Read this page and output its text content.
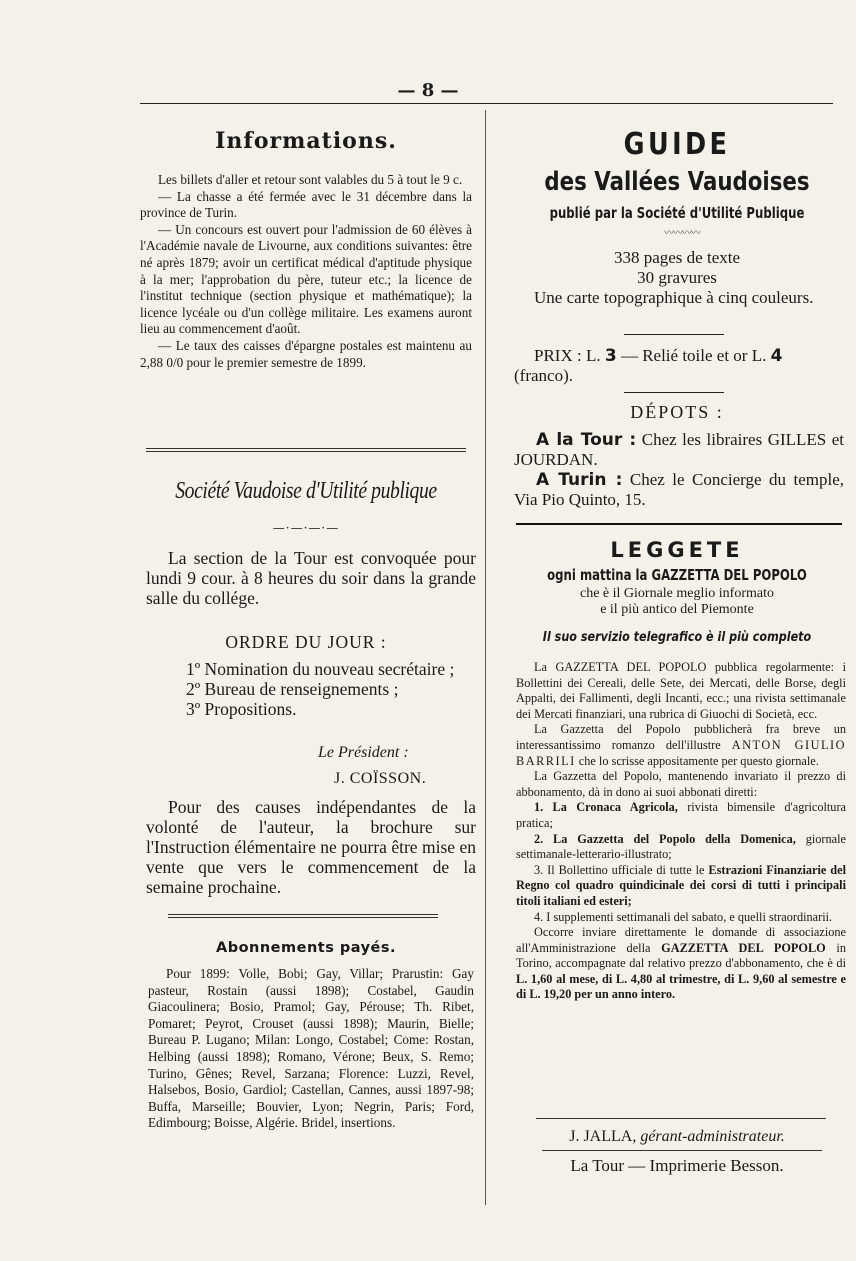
— 8 —
Informations.

Les billets d'aller et retour sont valables du 5 à tout le 9 c.

— La chasse a été fermée avec le 31 décembre dans la province de Turin.

— Un concours est ouvert pour l'admission de 60 élèves à l'Académie navale de Livourne, aux conditions suivantes: être né après 1879; avoir un certificat médical d'aptitude physique à la mer; l'approbation du père, tuteur etc.; la licence de l'institut technique (section physique et mathématique); la licence lycéale ou d'un collège militaire. Les examens auront lieu au commencement d'août.

— Le taux des caisses d'épargne postales est maintenu au 2,88 0/0 pour le premier semestre de 1899.

Société Vaudoise d'Utilité publique
—·—·—·—

La section de la Tour est convoquée pour lundi 9 cour. à 8 heures du soir dans la grande salle du collége.

ORDRE DU JOUR :
1º Nomination du nouveau secrétaire ;
2º Bureau de renseignements ;
3º Propositions.
Le Président :
J. COÏSSON.

Pour des causes indépendantes de la volonté de l'auteur, la brochure sur l'Instruction élémentaire ne pourra être mise en vente que vers le commencement de la semaine prochaine.

Abonnements payés.

Pour 1899: Volle, Bobi; Gay, Villar; Prarustin: Gay pasteur, Rostain (aussi 1898); Costabel, Gaudin Giacoulinera; Bosio, Pramol; Gay, Pérouse; Th. Ribet, Pomaret; Peyrot, Crouset (aussi 1898); Maurin, Bielle; Bureau P. Lugano; Milan: Longo, Costabel; Come: Rostan, Helbing (aussi 1898); Romano, Vérone; Beux, S. Remo; Turino, Gênes; Revel, Sarzana; Florence: Luzzi, Revel, Halsebos, Bosio, Gardiol; Castellan, Cannes, aussi 1897-98; Buffa, Marseille; Bouvier, Lyon; Negrin, Paris; Ford, Edimbourg; Boisse, Algérie. Bridel, insertions.

GUIDE
des Vallées Vaudoises
publié par la Société d'Utilité Publique
〰〰〰〰
338 pages de texte
30 gravures

Une carte topographique à cinq couleurs.

PRIX : L. 3 — Relié toile et or L. 4 (franco).
DÉPOTS :
A la Tour : Chez les libraires GILLES et JOURDAN.
A Turin : Chez le Concierge du temple, Via Pio Quinto, 15.
LEGGETE
ogni mattina la GAZZETTA DEL POPOLO
che è il Giornale meglio informato
e il più antico del Piemonte
Il suo servizio telegrafico è il più completo

La GAZZETTA DEL POPOLO pubblica regolarmente: i Bollettini dei Cereali, delle Sete, dei Mercati, delle Borse, degli Appalti, dei Fallimenti, degli Incanti, ecc.; una rivista settimanale dei Mercati finanziari, una rubrica di Giuochi di Società, ecc.

La Gazzetta del Popolo pubblicherà fra breve un interessantissimo romanzo dell'illustre ANTON GIULIO BARRILI che lo scrisse appositamente per questo giornale.

La Gazzetta del Popolo, mantenendo invariato il prezzo di abbonamento, dà in dono ai suoi abbonati diretti:

1. La Cronaca Agricola, rivista bimensile d'agricoltura pratica;

2. La Gazzetta del Popolo della Domenica, giornale settimanale-letterario-illustrato;

3. Il Bollettino ufficiale di tutte le Estrazioni Finanziarie del Regno col quadro quindicinale dei corsi di tutti i principali titoli italiani ed esteri;

4. I supplementi settimanali del sabato, e quelli straordinarii.

Occorre inviare direttamente le domande di associazione all'Amministrazione della GAZZETTA DEL POPOLO in Torino, accompagnate dal relativo prezzo d'abbonamento, che è di L. 1,60 al mese, di L. 4,80 al trimestre, di L. 9,60 al semestre e di L. 19,20 per un anno intero.

J. JALLA, gérant-administrateur.
La Tour — Imprimerie Besson.
